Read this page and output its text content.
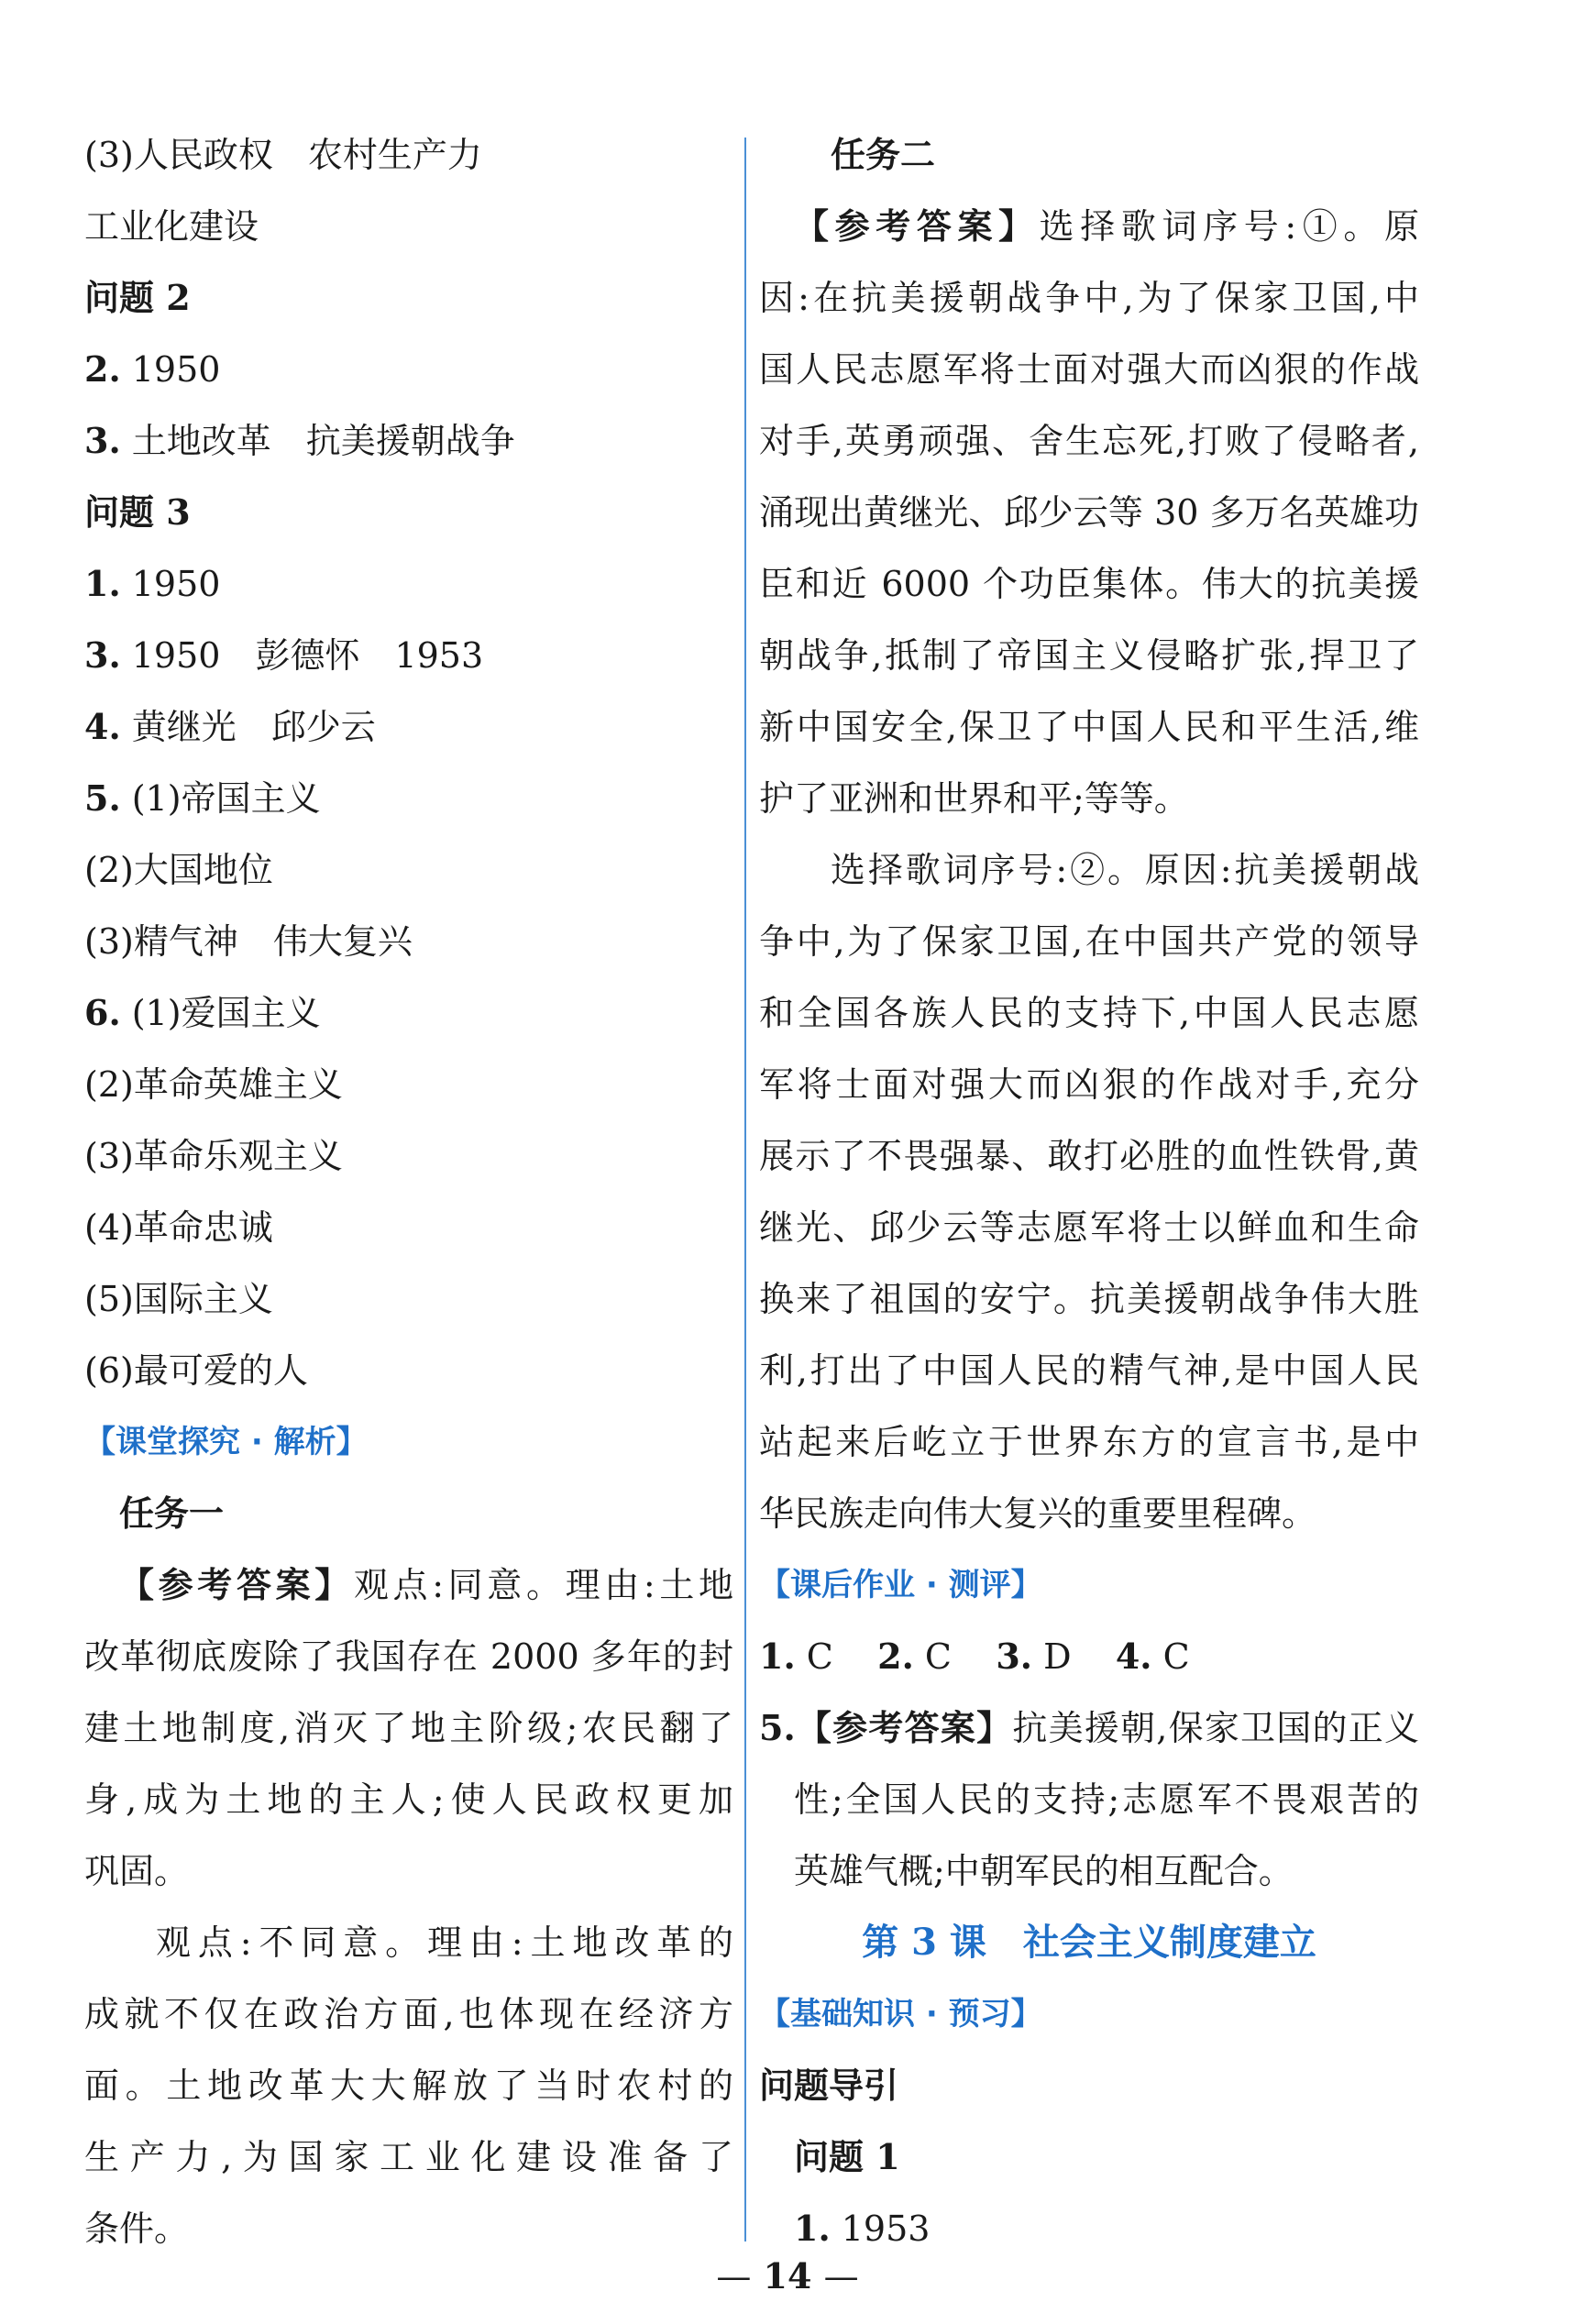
(3)人民政权　农村生产力
工业化建设
问题 2
2. 1950
3. 土地改革　抗美援朝战争
问题 3
1. 1950
3. 1950　彭德怀　1953
4. 黄继光　邱少云
5. (1)帝国主义
(2)大国地位
(3)精气神　伟大复兴
6. (1)爱国主义
(2)革命英雄主义
(3)革命乐观主义
(4)革命忠诚
(5)国际主义
(6)最可爱的人
【课堂探究 · 解析】
任务一
【参考答案】观点:同意。理由:土地
改革彻底废除了我国存在 2000 多年的封
建土地制度,消灭了地主阶级;农民翻了
身,成为土地的主人;使人民政权更加
巩固。
观点:不同意。理由:土地改革的
成就不仅在政治方面,也体现在经济方
面。土地改革大大解放了当时农村的
生产力,为国家工业化建设准备了
条件。
任务二
【参考答案】选择歌词序号:①。原
因:在抗美援朝战争中,为了保家卫国,中
国人民志愿军将士面对强大而凶狠的作战
对手,英勇顽强、舍生忘死,打败了侵略者,
涌现出黄继光、邱少云等 30 多万名英雄功
臣和近 6000 个功臣集体。伟大的抗美援
朝战争,抵制了帝国主义侵略扩张,捍卫了
新中国安全,保卫了中国人民和平生活,维
护了亚洲和世界和平;等等。
选择歌词序号:②。原因:抗美援朝战
争中,为了保家卫国,在中国共产党的领导
和全国各族人民的支持下,中国人民志愿
军将士面对强大而凶狠的作战对手,充分
展示了不畏强暴、敢打必胜的血性铁骨,黄
继光、邱少云等志愿军将士以鲜血和生命
换来了祖国的安宁。抗美援朝战争伟大胜
利,打出了中国人民的精气神,是中国人民
站起来后屹立于世界东方的宣言书,是中
华民族走向伟大复兴的重要里程碑。
【课后作业 · 测评】
1. C 2. C 3. D 4. C
5.【参考答案】抗美援朝,保家卫国的正义
性;全国人民的支持;志愿军不畏艰苦的
英雄气概;中朝军民的相互配合。
第 3 课　社会主义制度建立
【基础知识 · 预习】
问题导引
问题 1
1. 1953
— 14 —
